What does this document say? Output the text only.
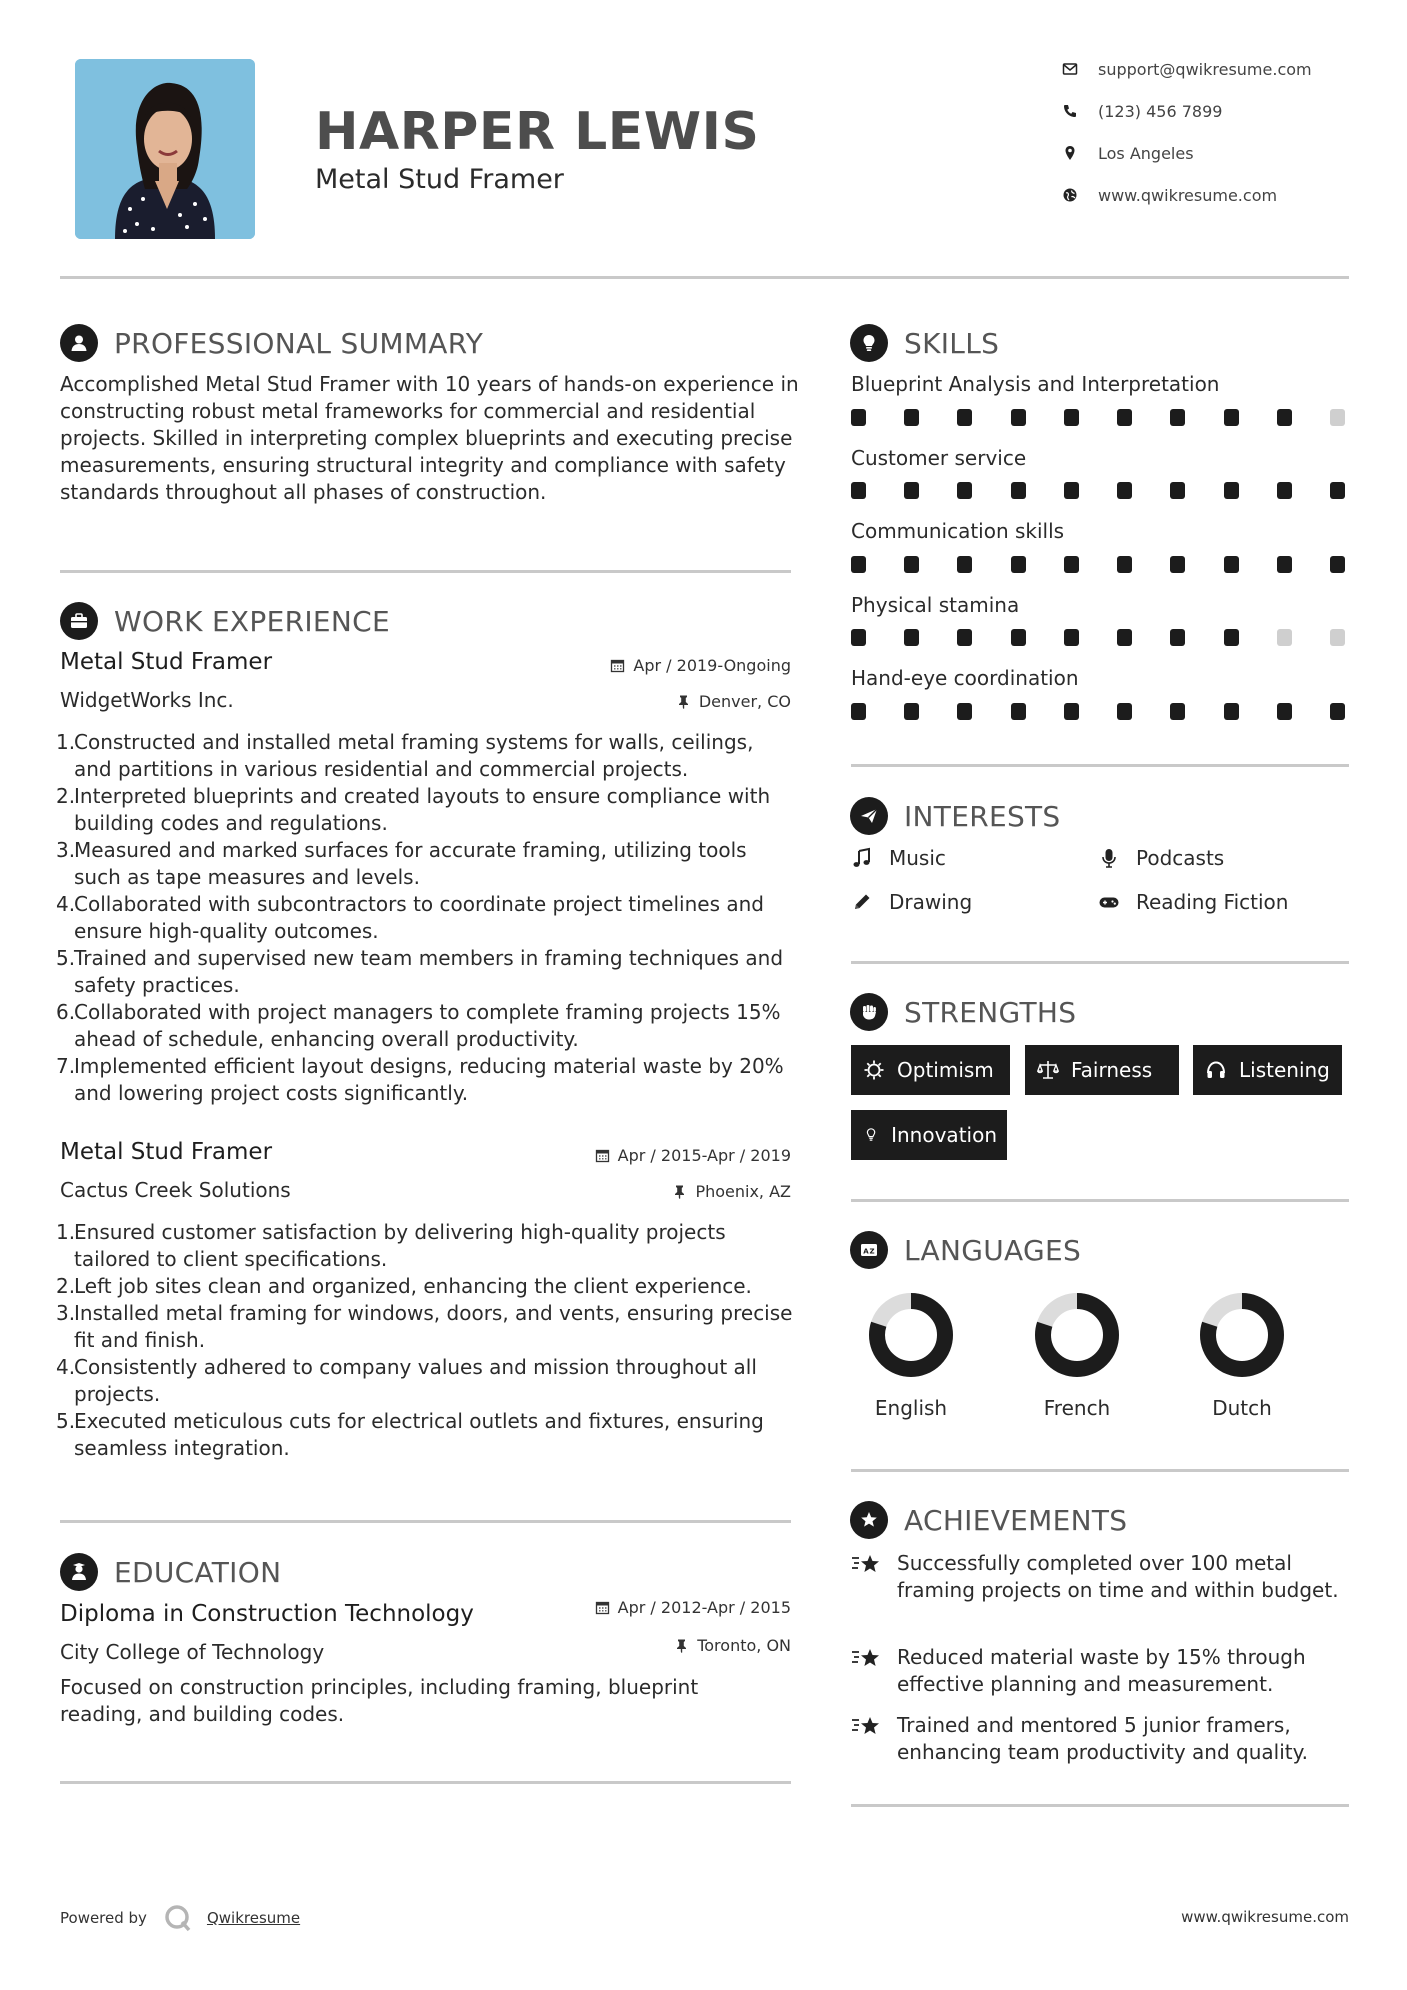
HARPER LEWIS
Metal Stud Framer
support@qwikresume.com
(123) 456 7899
Los Angeles
www.qwikresume.com
PROFESSIONAL SUMMARY
Accomplished Metal Stud Framer with 10 years of hands-on experience in constructing robust metal frameworks for commercial and residential projects. Skilled in interpreting complex blueprints and executing precise measurements, ensuring structural integrity and compliance with safety standards throughout all phases of construction.
WORK EXPERIENCE
Metal Stud Framer	Apr / 2019-Ongoing
WidgetWorks Inc.	Denver, CO
1.
Constructed and installed metal framing systems for walls, ceilings, and partitions in various residential and commercial projects.
2.
Interpreted blueprints and created layouts to ensure compliance with building codes and regulations.
3.
Measured and marked surfaces for accurate framing, utilizing tools such as tape measures and levels.
4.
Collaborated with subcontractors to coordinate project timelines and ensure high-quality outcomes.
5.
Trained and supervised new team members in framing techniques and safety practices.
6.
Collaborated with project managers to complete framing projects 15% ahead of schedule, enhancing overall productivity.
7.
Implemented efficient layout designs, reducing material waste by 20% and lowering project costs significantly.
Metal Stud Framer	Apr / 2015-Apr / 2019
Cactus Creek Solutions	Phoenix, AZ
1.
Ensured customer satisfaction by delivering high-quality projects tailored to client specifications.
2.
Left job sites clean and organized, enhancing the client experience.
3.
Installed metal framing for windows, doors, and vents, ensuring precise fit and finish.
4.
Consistently adhered to company values and mission throughout all projects.
5.
Executed meticulous cuts for electrical outlets and fixtures, ensuring seamless integration.
EDUCATION
Diploma in Construction Technology	Apr / 2012-Apr / 2015
City College of Technology	Toronto, ON
Focused on construction principles, including framing, blueprint reading, and building codes.
SKILLS
Blueprint Analysis and Interpretation
Customer service
Communication skills
Physical stamina
Hand-eye coordination
INTERESTS
Music	Podcasts
Drawing	Reading Fiction
STRENGTHS
Optimism	Fairness	Listening
Innovation
A Z LANGUAGES
English	French	Dutch
ACHIEVEMENTS
Successfully completed over 100 metal framing projects on time and within budget.
Reduced material waste by 15% through effective planning and measurement.
Trained and mentored 5 junior framers, enhancing team productivity and quality.
Powered by	Qwikresume	www.qwikresume.com
